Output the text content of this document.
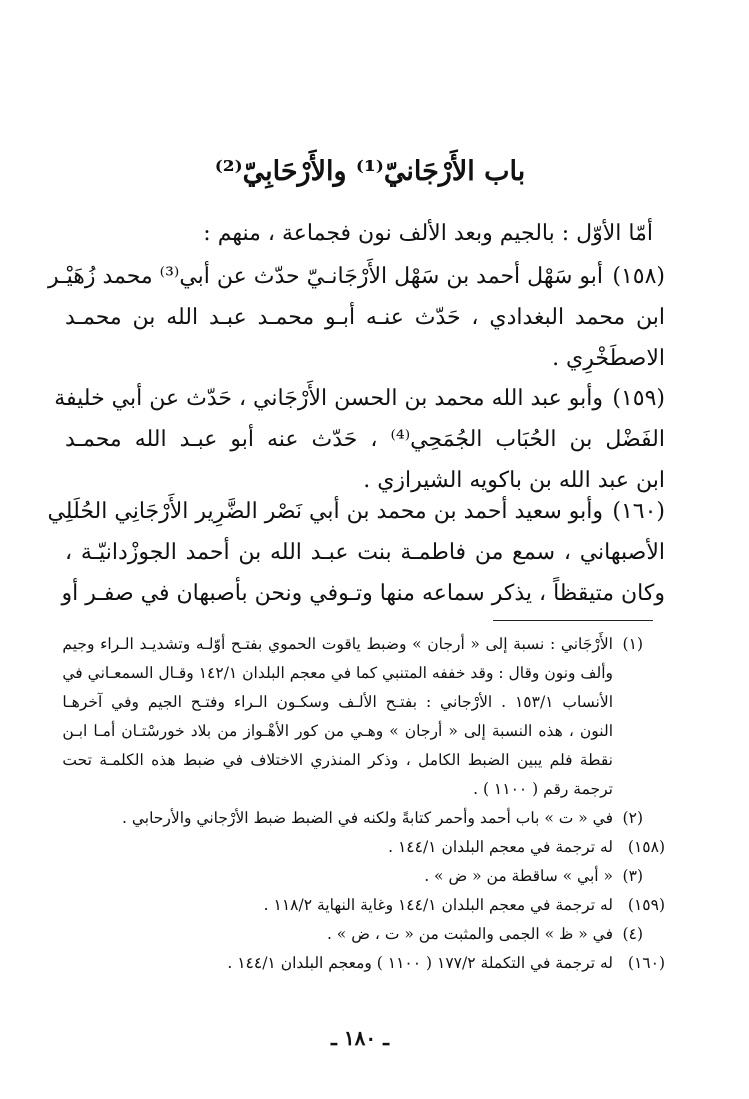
باب الأَرْجَانيّ⁽¹⁾ والأَرْحَابِيّ⁽²⁾
أمّا الأوّل : بالجيم وبعد الألف نون فجماعة ، منهم :
(١٥٨)
أبو سَهْل أحمد بن سَهْل الأَرْجَانـيّ حدّث عن أبي⁽³⁾ محمد زُهَيْـر
ابن محمد البغدادي ، حَدّث عنـه أبـو محمـد عبـد الله بن محمـد
الاصطَخْرِي .
(١٥٩)
وأبو عبد الله محمد بن الحسن الأَرْجَاني ، حَدّث عن أبي خليفة
الفَضْل بن الحُبَاب الجُمَحِي⁽⁴⁾ ، حَدّث عنه أبو عبـد الله محمـد
ابن عبد الله بن باكويه الشيرازي .
(١٦٠)
وأبو سعيد أحمد بن محمد بن أبي نَصْر الضَّرِير الأَرْجَانِي الحُلَلِي
الأصبهاني ، سمع من فاطمـة بنت عبـد الله بن أحمد الجوزْدانيّـة ،
وكان متيقظاً ، يذكر سماعه منها وتـوفي ونحن بأصبهان في صفـر أو
(١)
الأَرْجَاني : نسبة إلى « أرجان » وضبط ياقوت الحموي بفتـح أوّلـه وتشديـد الـراء وجيم
وألف ونون وقال : وقد خففه المتنبي كما في معجم البلدان ١٤٢/١ وقـال السمعـاني في
الأنساب ١٥٣/١ . الأرْجاني : بفتـح الألـف وسكـون الـراء وفتـح الجيم وفي آخرهـا
النون ، هذه النسبة إلى « أرجان » وهـي من كور الأهْـواز من بلاد خورسْتـان أمـا ابـن
نقطة فلم يبين الضبط الكامل ، وذكر المنذري الاختلاف في ضبط هذه الكلمـة تحت
ترجمة رقم ( ١١٠٠ ) .
(٢)
في « ت » باب أحمد وأحمر كتابةً ولكنه في الضبط ضبط الأرْجاني والأرحابي .
(١٥٨)
له ترجمة في معجم البلدان ١٤٤/١ .
(٣)
« أبي » ساقطة من « ض » .
(١٥٩)
له ترجمة في معجم البلدان ١٤٤/١ وغاية النهاية ١١٨/٢ .
(٤)
في « ظ » الجمى والمثبت من « ت ، ض » .
(١٦٠)
له ترجمة في التكملة ١٧٧/٢ ( ١١٠٠ ) ومعجم البلدان ١٤٤/١ .
ـ ١٨٠ ـ
